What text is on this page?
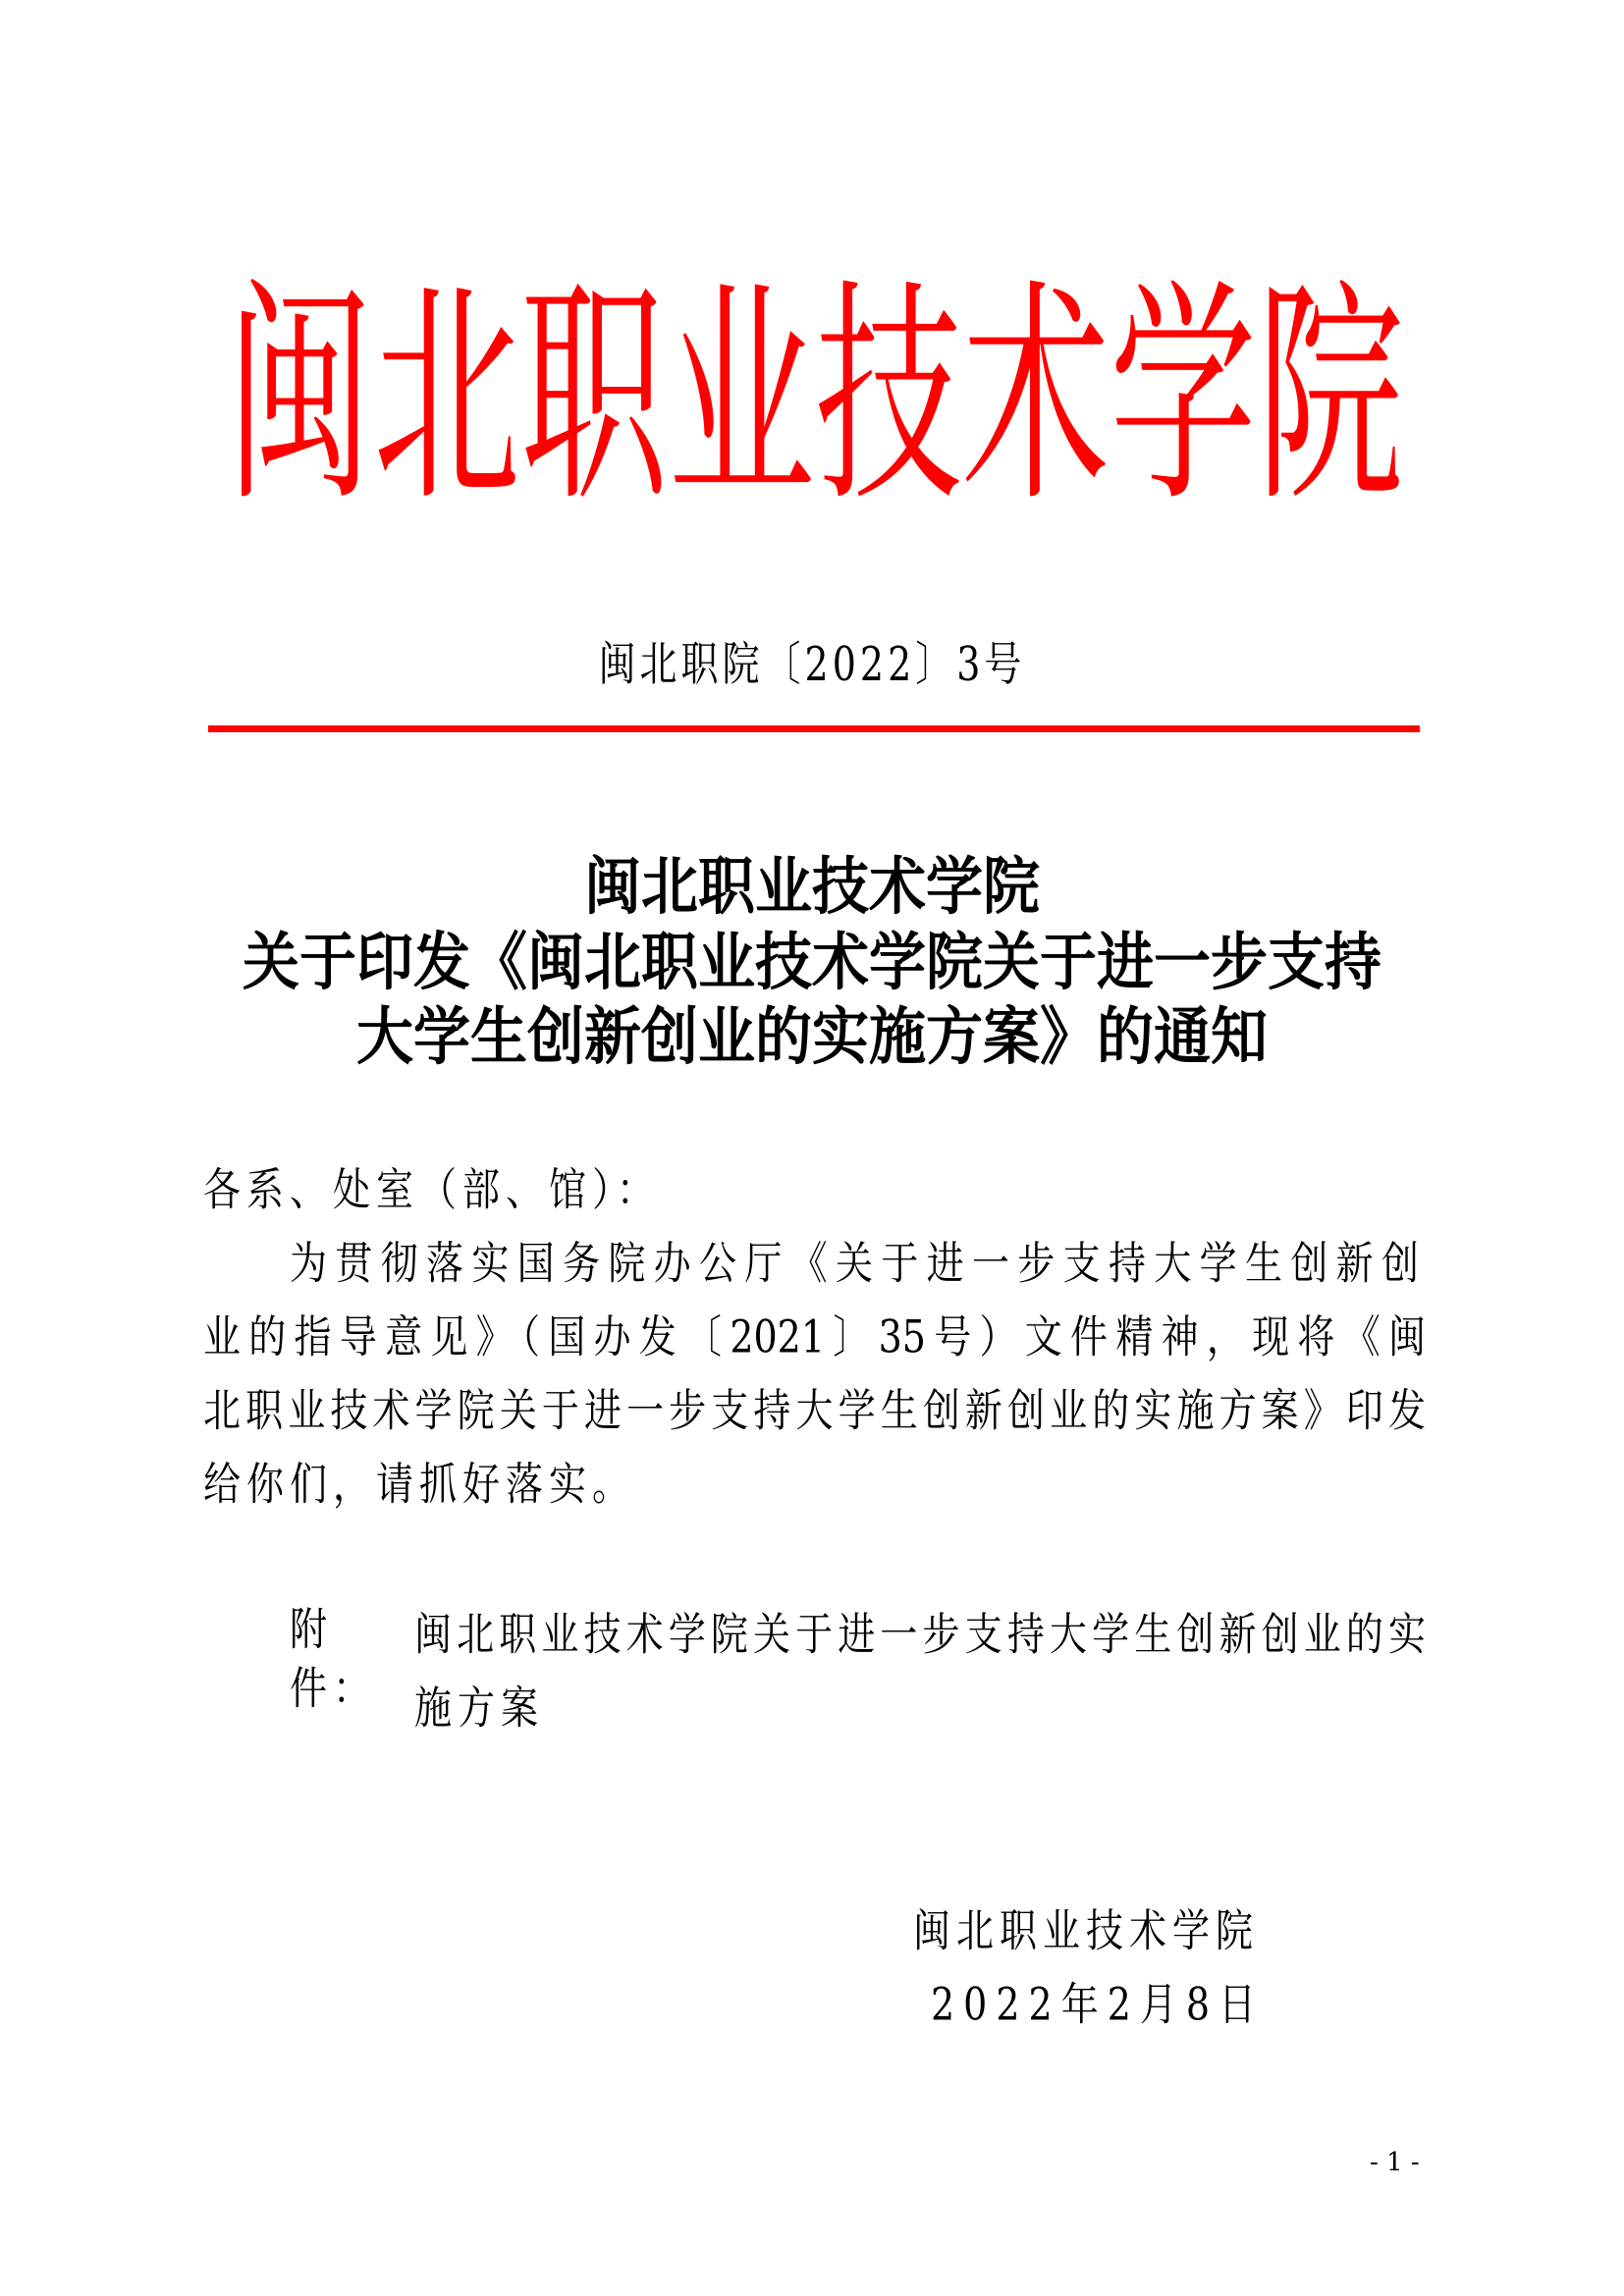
闽北职业技术学院
闽北职院〔2022〕3号
闽北职业技术学院
关于印发《闽北职业技术学院关于进一步支持
大学生创新创业的实施方案》的通知
各系、处室（部、馆）：
为贯彻落实国务院办公厅《关于进一步支持大学生创新创
业的指导意见》（国办发〔2021〕35号）文件精神，现将《闽
北职业技术学院关于进一步支持大学生创新创业的实施方案》印发
给你们，请抓好落实。
附件：
闽北职业技术学院关于进一步支持大学生创新创业的实
施方案
闽北职业技术学院
2022年2月8日
- 1 -
